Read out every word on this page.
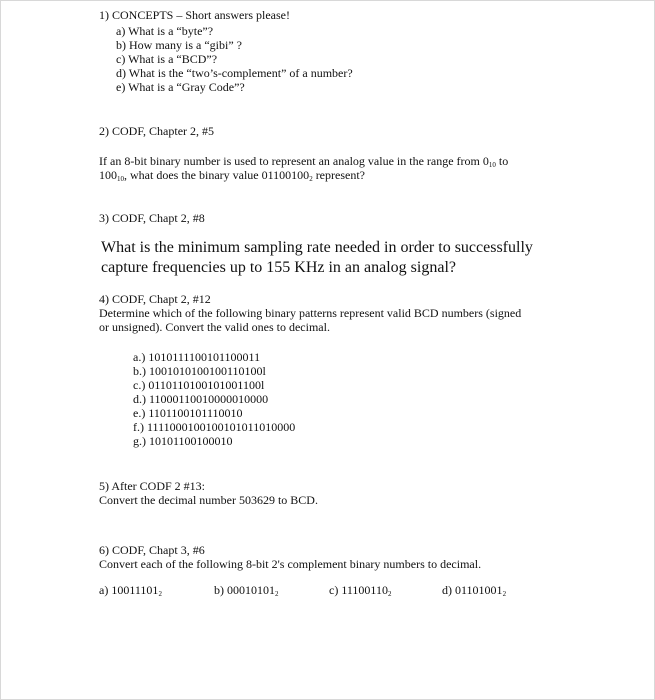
1) CONCEPTS – Short answers please!
a) What is a “byte”?
b) How many is a “gibi” ?
c) What is a “BCD”?
d) What is the “two’s-complement” of a number?
e) What is a “Gray Code”?
2) CODF, Chapter 2, #5
If an 8-bit binary number is used to represent an analog value in the range from $0_{10}$ to
$100_{10}$, what does the binary value $01100100_2$ represent?
3) CODF, Chapt 2, #8
What is the minimum sampling rate needed in order to successfully
capture frequencies up to 155 KHz in an analog signal?
4) CODF, Chapt 2, #12
Determine which of the following binary patterns represent valid BCD numbers (signed
or unsigned). Convert the valid ones to decimal.
a.) 1010111100101100011
b.) 1001010100100110100l
c.) 0110110100101001100l
d.) 11000110010000010000
e.) 1101100101110010
f.) 1111000100100101011010000
g.) 10101100100010
5) After CODF 2 #13:
Convert the decimal number 503629 to BCD.
6) CODF, Chapt 3, #6
Convert each of the following 8-bit 2's complement binary numbers to decimal.
a) $10011101_2$	b) $00010101_2$	c) $11100110_2$	d) $01101001_2$
